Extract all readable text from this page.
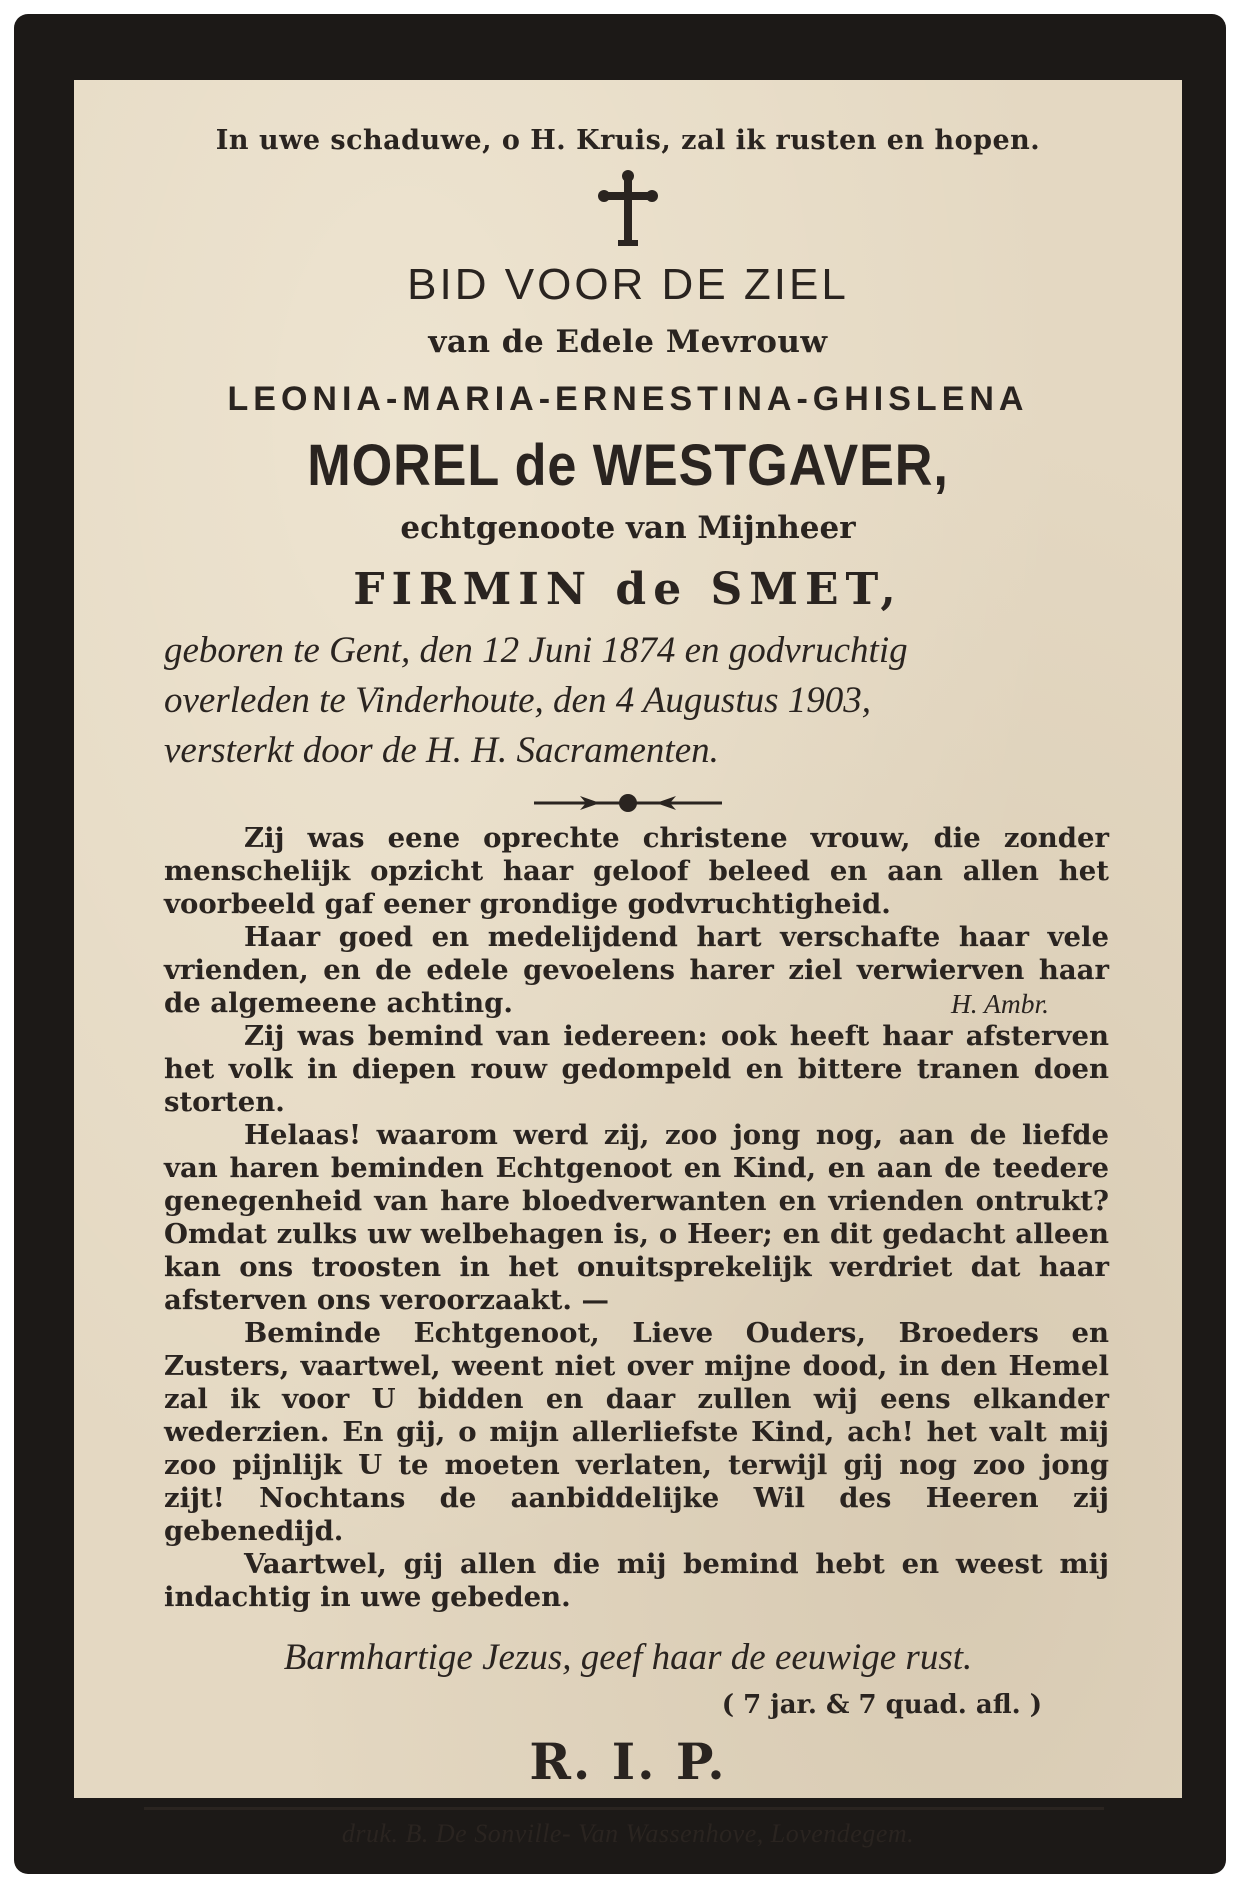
In uwe schaduwe, o H. Kruis, zal ik rusten en hopen.
BID VOOR DE ZIEL
van de Edele Mevrouw
LEONIA-MARIA-ERNESTINA-GHISLENA
MOREL de WESTGAVER,
echtgenoote van Mijnheer
FIRMIN de SMET,
geboren te Gent, den 12 Juni 1874 en godvruchtig
overleden te Vinderhoute, den 4 Augustus 1903,
versterkt door de H. H. Sacramenten.

Zij was eene oprechte christene vrouw, die zonder menschelijk opzicht haar geloof beleed en aan allen het voorbeeld gaf eener grondige godvruchtigheid.

Haar goed en medelijdend hart verschafte haar vele vrienden, en de edele gevoelens harer ziel verwierven haar de algemeene achting.	H. Ambr.

Zij was bemind van iedereen: ook heeft haar afsterven het volk in diepen rouw gedompeld en bittere tranen doen storten.

Helaas! waarom werd zij, zoo jong nog, aan de liefde van haren beminden Echtgenoot en Kind, en aan de teedere genegenheid van hare bloedverwanten en vrienden ontrukt? Omdat zulks uw welbehagen is, o Heer; en dit gedacht alleen kan ons troosten in het onuitsprekelijk verdriet dat haar afsterven ons veroorzaakt. —

Beminde Echtgenoot, Lieve Ouders, Broeders en Zusters, vaartwel, weent niet over mijne dood, in den Hemel zal ik voor U bidden en daar zullen wij eens elkander wederzien. En gij, o mijn allerliefste Kind, ach! het valt mij zoo pijnlijk U te moeten verlaten, terwijl gij nog zoo jong zijt! Nochtans de aanbiddelijke Wil des Heeren zij gebenedijd.

Vaartwel, gij allen die mij bemind hebt en weest mij indachtig in uwe gebeden.

Barmhartige Jezus, geef haar de eeuwige rust.
( 7 jar. & 7 quad. afl. )
R. I. P.
druk. B. De Sonville- Van Wassenhove, Lovendegem.
